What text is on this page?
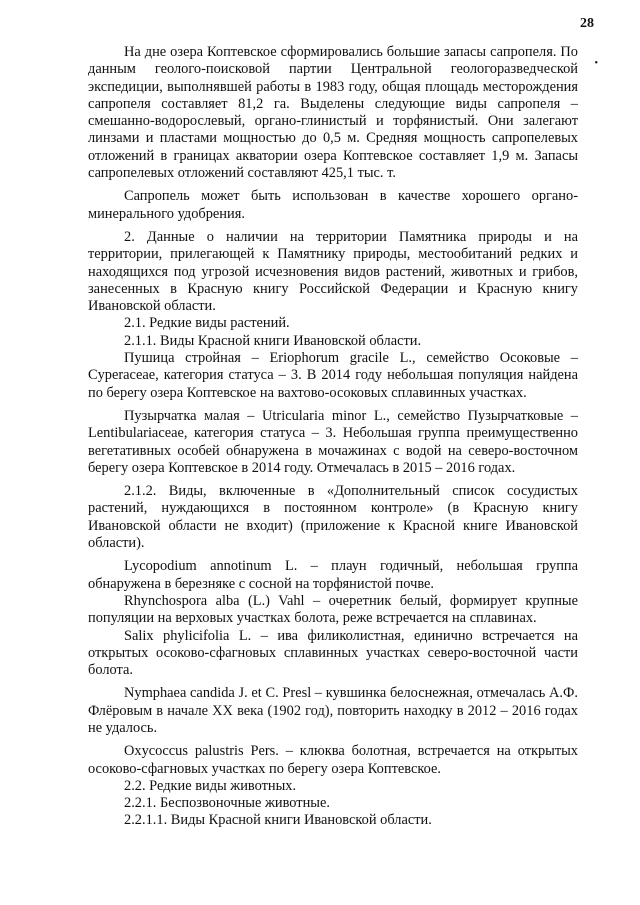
28
•

На дне озера Коптевское сформировались большие запасы сапропеля. По данным геолого-поисковой партии Центральной геологоразведческой экспедиции, выполнявшей работы в 1983 году, общая площадь месторождения сапропеля составляет 81,2 га. Выделены следующие виды сапропеля – смешанно-водорослевый, органо-глинистый и торфянистый. Они залегают линзами и пластами мощностью до 0,5 м. Средняя мощность сапропелевых отложений в границах акватории озера Коптевское составляет 1,9 м. Запасы сапропелевых отложений составляют 425,1 тыс. т.

Сапропель может быть использован в качестве хорошего органо-минерального удобрения.

2. Данные о наличии на территории Памятника природы и на территории, прилегающей к Памятнику природы, местообитаний редких и находящихся под угрозой исчезновения видов растений, животных и грибов, занесенных в Красную книгу Российской Федерации и Красную книгу Ивановской области.

2.1. Редкие виды растений.

2.1.1. Виды Красной книги Ивановской области.

Пушица стройная – Eriophorum gracile L., семейство Осоковые – Cyperaceae, категория статуса – 3. В 2014 году небольшая популяция найдена по берегу озера Коптевское на вахтово-осоковых сплавинных участках.

Пузырчатка малая – Utricularia minor L., семейство Пузырчатковые – Lentibulariaceae, категория статуса – 3. Небольшая группа преимущественно вегетативных особей обнаружена в мочажинах с водой на северо-восточном берегу озера Коптевское в 2014 году. Отмечалась в 2015 – 2016 годах.

2.1.2. Виды, включенные в «Дополнительный список сосудистых растений, нуждающихся в постоянном контроле» (в Красную книгу Ивановской области не входит) (приложение к Красной книге Ивановской области).

Lycopodium annotinum L. – плаун годичный, небольшая группа обнаружена в березняке с сосной на торфянистой почве.

Rhynchospora alba (L.) Vahl – очеретник белый, формирует крупные популяции на верховых участках болота, реже встречается на сплавинах.

Salix phylicifolia L. – ива филиколистная, единично встречается на открытых осоково-сфагновых сплавинных участках северо-восточной части болота.

Nymphaea candida J. et C. Presl – кувшинка белоснежная, отмечалась А.Ф. Флёровым в начале XX века (1902 год), повторить находку в 2012 – 2016 годах не удалось.

Oxycoccus palustris Pers. – клюква болотная, встречается на открытых осоково-сфагновых участках по берегу озера Коптевское.

2.2. Редкие виды животных.

2.2.1. Беспозвоночные животные.

2.2.1.1. Виды Красной книги Ивановской области.
